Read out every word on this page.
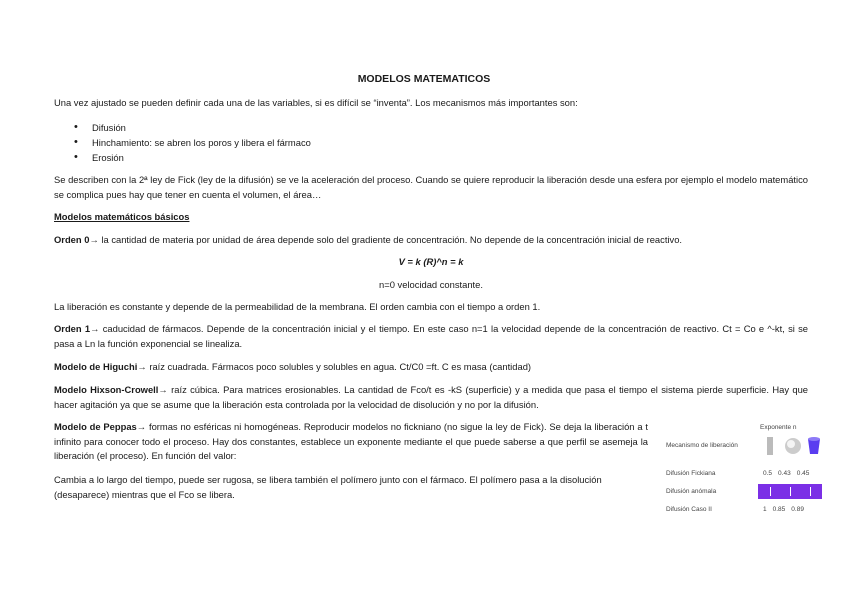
MODELOS MATEMATICOS
Una vez ajustado se pueden definir cada una de las variables, si es difícil se “inventa”. Los mecanismos más importantes son:
• Difusión
• Hinchamiento: se abren los poros y libera el fármaco
• Erosión
Se describen con la 2ª ley de Fick (ley de la difusión) se ve la aceleración del proceso. Cuando se quiere reproducir la liberación desde una esfera por ejemplo el modelo matemático se complica pues hay que tener en cuenta el volumen, el área…
Modelos matemáticos básicos
Orden 0→ la cantidad de materia por unidad de área depende solo del gradiente de concentración. No depende de la concentración inicial de reactivo.
V = k (R)^n = k
n=0 velocidad constante.
La liberación es constante y depende de la permeabilidad de la membrana. El orden cambia con el tiempo a orden 1.
Orden 1→ caducidad de fármacos. Depende de la concentración inicial y el tiempo. En este caso n=1 la velocidad depende de la concentración de reactivo. Ct = Co e ^-kt, si se pasa a Ln la función exponencial se linealiza.
Modelo de Higuchi→ raíz cuadrada. Fármacos poco solubles y solubles en agua. Ct/C0 =ft. C es masa (cantidad)
Modelo Hixson-Crowell→ raíz cúbica. Para matrices erosionables. La cantidad de Fco/t es -kS (superficie) y a medida que pasa el tiempo el sistema pierde superficie. Hay que hacer agitación ya que se asume que la liberación esta controlada por la velocidad de disolución y no por la difusión.
Modelo de Peppas→ formas no esféricas ni homogéneas. Reproducir modelos no fickniano (no sigue la ley de Fick). Se deja la liberación a t infinito para conocer todo el proceso. Hay dos constantes, establece un exponente mediante el que puede saberse a que perfil se asemeja la liberación (el proceso). En función del valor:
Cambia a lo largo del tiempo, puede ser rugosa, se libera también el polímero junto con el fármaco. El polímero pasa a la disolución (desaparece) mientras que el Fco se libera.
Exponente n
Mecanismo de liberación
Difusión Fickiana	0.5 0.43 0.45
Difusión anómala
Difusión Caso II	1 0.85 0.89
